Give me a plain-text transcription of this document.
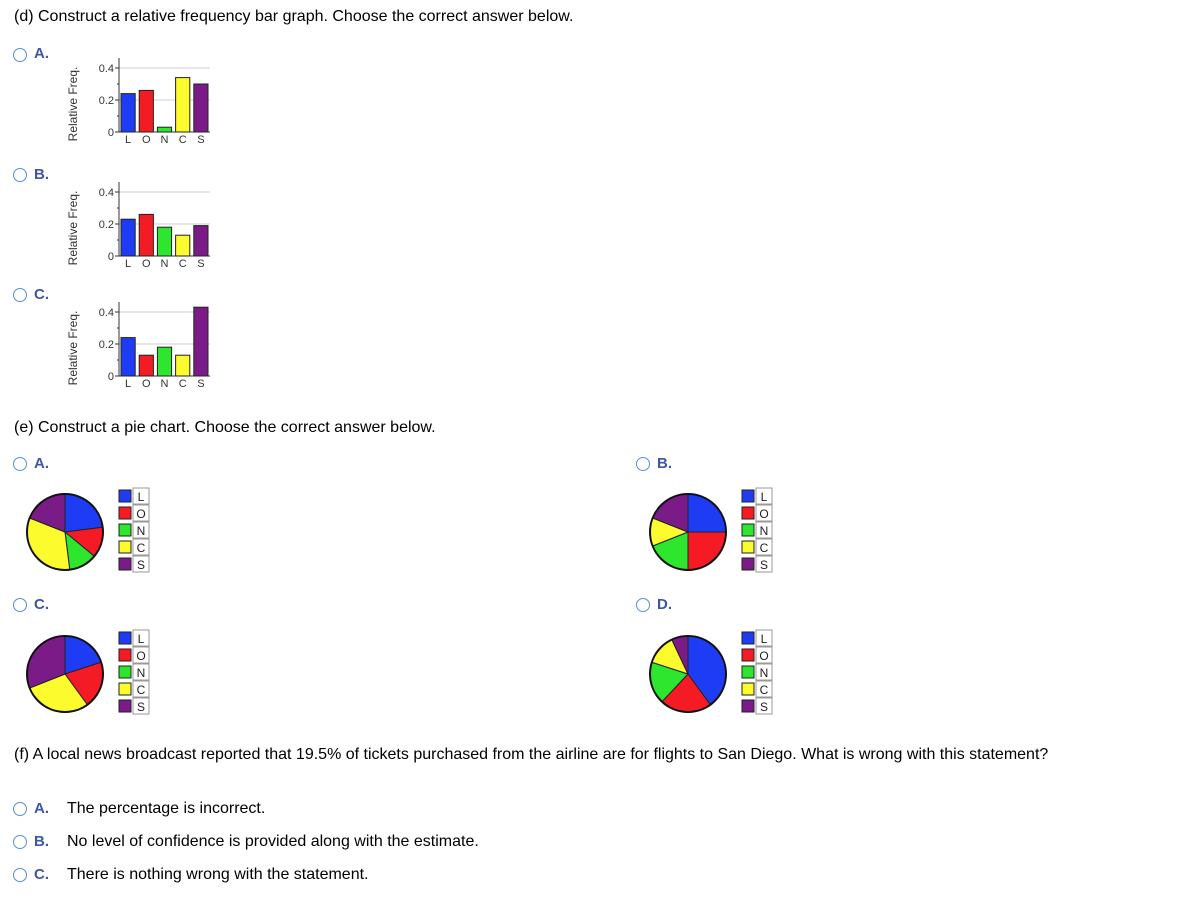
(d) Construct a relative frequency bar graph. Choose the correct answer below.
A.
Relative Freq. 0.4
0.2
0
L O N C S
B.
Relative Freq. 0.4
0.2
0
L O N C S
C.
Relative Freq. 0.4
0.2
0
L O N C S
(e) Construct a pie chart. Choose the correct answer below.
A.
L
O
N
C
S
B.
L
O
N
C
S
C.
L
O
N
C
S
D.
L
O
N
C
S
(f) A local news broadcast reported that 19.5% of tickets purchased from the airline are for flights to San Diego. What is wrong with this statement?
A. The percentage is incorrect.
B. No level of confidence is provided along with the estimate.
C. There is nothing wrong with the statement.
